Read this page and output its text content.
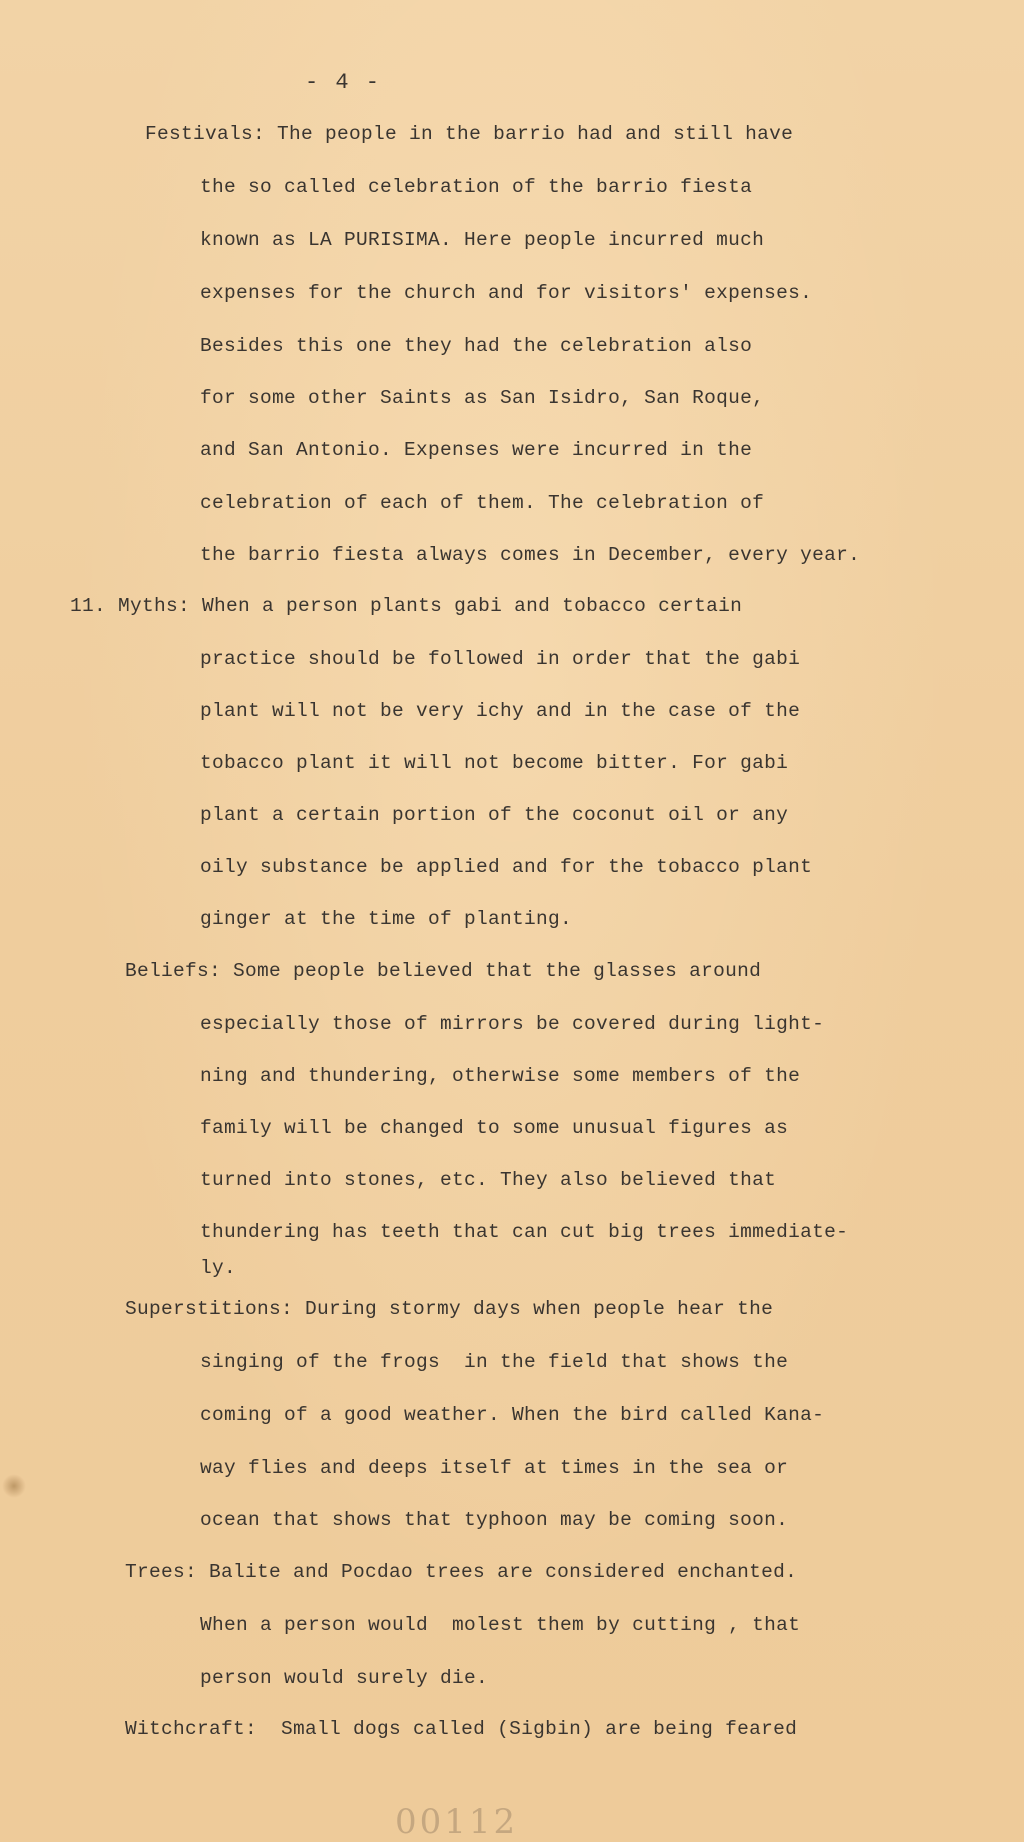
- 4 -
Festivals: The people in the barrio had and still have
the so called celebration of the barrio fiesta
known as LA PURISIMA. Here people incurred much
expenses for the church and for visitors' expenses.
Besides this one they had the celebration also
for some other Saints as San Isidro, San Roque,
and San Antonio. Expenses were incurred in the
celebration of each of them. The celebration of
the barrio fiesta always comes in December, every year.
11. Myths: When a person plants gabi and tobacco certain
practice should be followed in order that the gabi
plant will not be very ichy and in the case of the
tobacco plant it will not become bitter. For gabi
plant a certain portion of the coconut oil or any
oily substance be applied and for the tobacco plant
ginger at the time of planting.
Beliefs: Some people believed that the glasses around
especially those of mirrors be covered during light-
ning and thundering, otherwise some members of the
family will be changed to some unusual figures as
turned into stones, etc. They also believed that
thundering has teeth that can cut big trees immediate-
ly.
Superstitions: During stormy days when people hear the
singing of the frogs  in the field that shows the
coming of a good weather. When the bird called Kana-
way flies and deeps itself at times in the sea or
ocean that shows that typhoon may be coming soon.
Trees: Balite and Pocdao trees are considered enchanted.
When a person would  molest them by cutting , that
person would surely die.
Witchcraft:  Small dogs called (Sigbin) are being feared
00112
